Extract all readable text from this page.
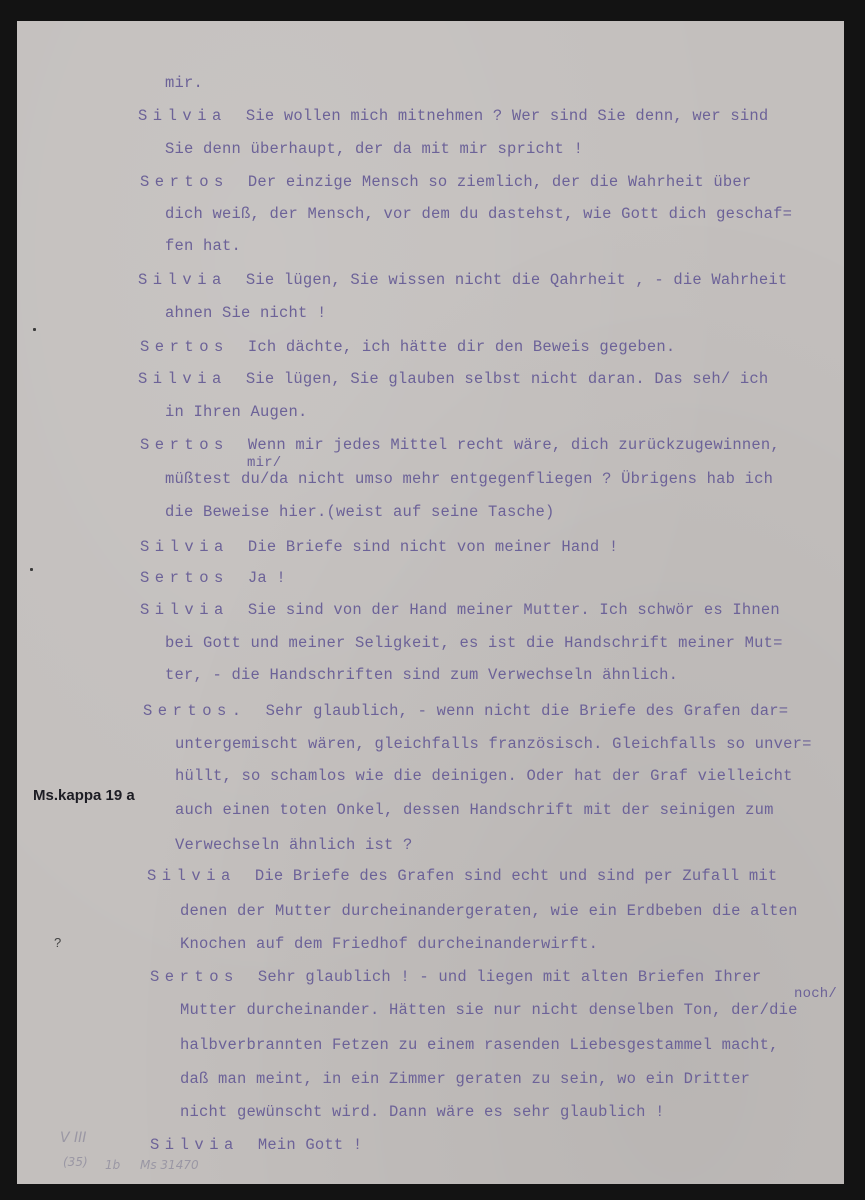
mir.
Silvia Sie wollen mich mitnehmen ? Wer sind Sie denn, wer sind
Sie denn überhaupt, der da mit mir spricht !
Sertos Der einzige Mensch so ziemlich, der die Wahrheit über
dich weiß, der Mensch, vor dem du dastehst, wie Gott dich geschaf=
fen hat.
Silvia Sie lügen, Sie wissen nicht die Qahrheit , - die Wahrheit
ahnen Sie nicht !
Sertos Ich dächte, ich hätte dir den Beweis gegeben.
Silvia Sie lügen, Sie glauben selbst nicht daran. Das seh/ ich
in Ihren Augen.
Sertos Wenn mir jedes Mittel recht wäre, dich zurückzugewinnen,
müßtest du/da nicht umso mehr entgegenfliegen ? Übrigens hab ich
die Beweise hier.(weist auf seine Tasche)
Silvia Die Briefe sind nicht von meiner Hand !
Sertos Ja !
Silvia Sie sind von der Hand meiner Mutter. Ich schwör es Ihnen
bei Gott und meiner Seligkeit, es ist die Handschrift meiner Mut=
ter, - die Handschriften sind zum Verwechseln ähnlich.
Sertos. Sehr glaublich, - wenn nicht die Briefe des Grafen dar=
untergemischt wären, gleichfalls französisch. Gleichfalls so unver=
hüllt, so schamlos wie die deinigen. Oder hat der Graf vielleicht
auch einen toten Onkel, dessen Handschrift mit der seinigen zum
Verwechseln ähnlich ist ?
Silvia Die Briefe des Grafen sind echt und sind per Zufall mit
denen der Mutter durcheinandergeraten, wie ein Erdbeben die alten
Knochen auf dem Friedhof durcheinanderwirft.
Sertos Sehr glaublich ! - und liegen mit alten Briefen Ihrer
Mutter durcheinander. Hätten sie nur nicht denselben Ton, der/die
halbverbrannten Fetzen zu einem rasenden Liebesgestammel macht,
daß man meint, in ein Zimmer geraten zu sein, wo ein Dritter
nicht gewünscht wird. Dann wäre es sehr glaublich !
Silvia Mein Gott !
mir/
noch/
Ms.kappa 19 a
?
V III
(35) 1b Ms 31470
